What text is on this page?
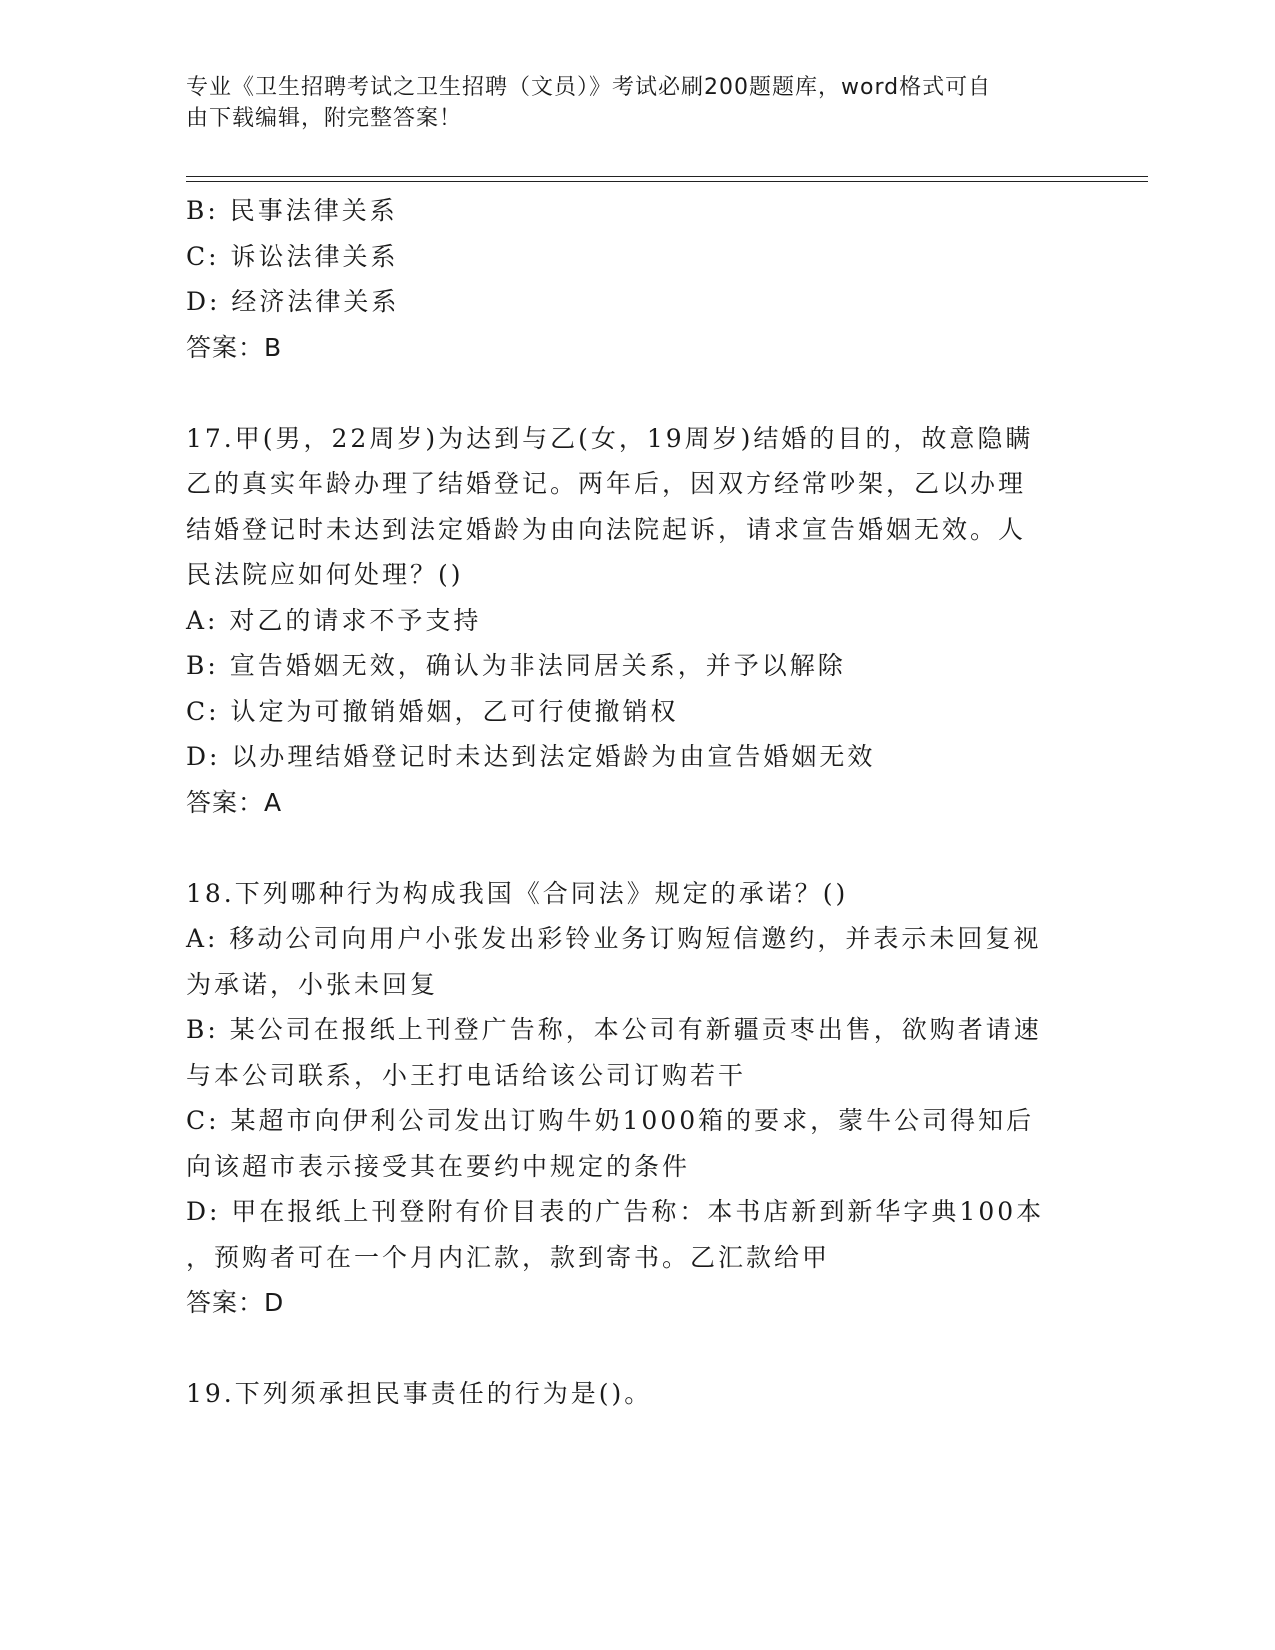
专业《卫生招聘考试之卫生招聘（文员）》考试必刷200题题库，word格式可自
由下载编辑，附完整答案！
B: 民事法律关系
C: 诉讼法律关系
D: 经济法律关系
答案：B
17.甲(男，22周岁)为达到与乙(女，19周岁)结婚的目的，故意隐瞒
乙的真实年龄办理了结婚登记。两年后，因双方经常吵架，乙以办理
结婚登记时未达到法定婚龄为由向法院起诉，请求宣告婚姻无效。人
民法院应如何处理？()
A: 对乙的请求不予支持
B: 宣告婚姻无效，确认为非法同居关系，并予以解除
C: 认定为可撤销婚姻，乙可行使撤销权
D: 以办理结婚登记时未达到法定婚龄为由宣告婚姻无效
答案：A
18.下列哪种行为构成我国《合同法》规定的承诺？()
A: 移动公司向用户小张发出彩铃业务订购短信邀约，并表示未回复视
为承诺，小张未回复
B: 某公司在报纸上刊登广告称，本公司有新疆贡枣出售，欲购者请速
与本公司联系，小王打电话给该公司订购若干
C: 某超市向伊利公司发出订购牛奶1000箱的要求，蒙牛公司得知后
向该超市表示接受其在要约中规定的条件
D: 甲在报纸上刊登附有价目表的广告称：本书店新到新华字典100本
，预购者可在一个月内汇款，款到寄书。乙汇款给甲
答案：D
19.下列须承担民事责任的行为是()。
